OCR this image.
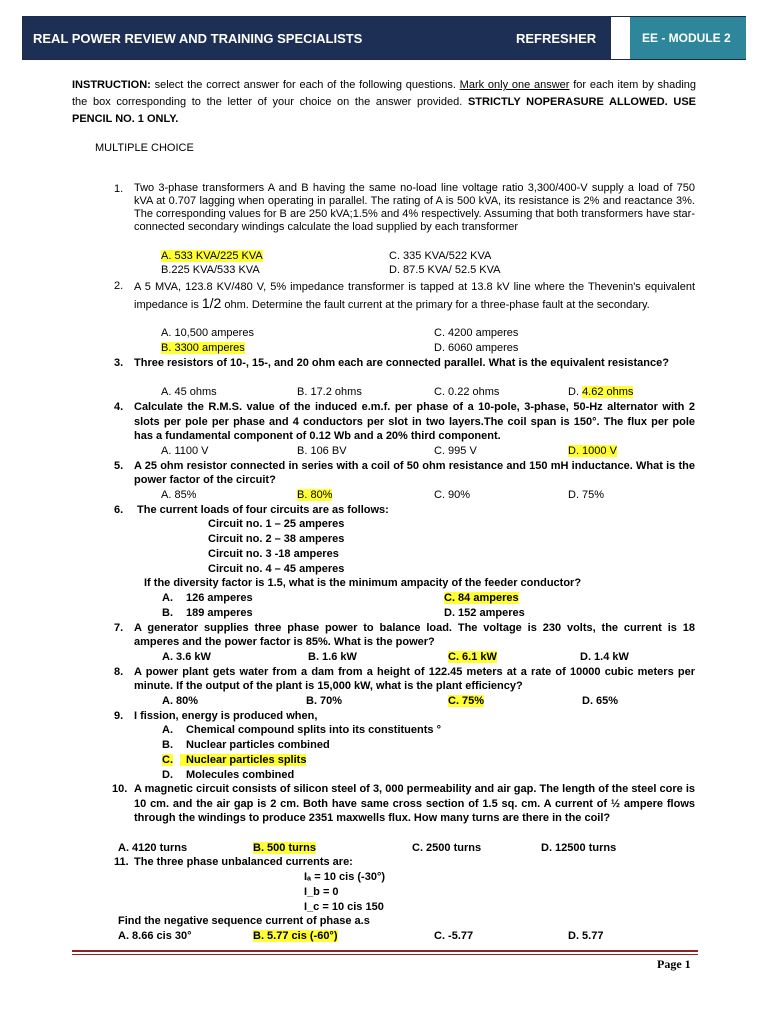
REAL POWER REVIEW AND TRAINING SPECIALISTS	REFRESHER	EE - MODULE 2
INSTRUCTION: select the correct answer for each of the following questions. Mark only one answer for each item by shading the box corresponding to the letter of your choice on the answer provided. STRICTLY NOPERASURE ALLOWED. USE PENCIL NO. 1 ONLY.
MULTIPLE CHOICE
1. Two 3-phase transformers A and B having the same no-load line voltage ratio 3,300/400-V supply a load of 750 kVA at 0.707 lagging when operating in parallel. The rating of A is 500 kVA, its resistance is 2% and reactance 3%. The corresponding values for B are 250 kVA;1.5% and 4% respectively. Assuming that both transformers have star-connected secondary windings calculate the load supplied by each transformer
A. 533 KVA/225 KVA	C. 335 KVA/522 KVA
B.225 KVA/533 KVA	D. 87.5 KVA/ 52.5 KVA
2. A 5 MVA, 123.8 KV/480 V, 5% impedance transformer is tapped at 13.8 kV line where the Thevenin's equivalent impedance is 1/2 ohm. Determine the fault current at the primary for a three-phase fault at the secondary.
A. 10,500 amperes	C. 4200 amperes
B. 3300 amperes	D. 6060 amperes
3. Three resistors of 10-, 15-, and 20 ohm each are connected parallel. What is the equivalent resistance?
A. 45 ohms	B. 17.2 ohms	C. 0.22 ohms	D. 4.62 ohms
4. Calculate the R.M.S. value of the induced e.m.f. per phase of a 10-pole, 3-phase, 50-Hz alternator with 2 slots per pole per phase and 4 conductors per slot in two layers.The coil span is 150°. The flux per pole has a fundamental component of 0.12 Wb and a 20% third component.
A. 1100 V	B. 106 BV	C. 995 V	D. 1000 V
5. A 25 ohm resistor connected in series with a coil of 50 ohm resistance and 150 mH inductance. What is the power factor of the circuit?
A. 85%	B. 80%	C. 90%	D. 75%
6. The current loads of four circuits are as follows:
Circuit no. 1 – 25 amperes
Circuit no. 2 – 38 amperes
Circuit no. 3 -18 amperes
Circuit no. 4 – 45 amperes
If the diversity factor is 1.5, what is the minimum ampacity of the feeder conductor?
A. 126 amperes	C. 84 amperes
B. 189 amperes	D. 152 amperes
7. A generator supplies three phase power to balance load. The voltage is 230 volts, the current is 18 amperes and the power factor is 85%. What is the power?
A. 3.6 kW	B. 1.6 kW	C. 6.1 kW	D. 1.4 kW
8. A power plant gets water from a dam from a height of 122.45 meters at a rate of 10000 cubic meters per minute. If the output of the plant is 15,000 kW, what is the plant efficiency?
A. 80%	B. 70%	C. 75%	D. 65%
9. I fission, energy is produced when,
A. Chemical compound splits into its constituents °
B. Nuclear particles combined
C.	Nuclear particles splits
D. Molecules combined
10. A magnetic circuit consists of silicon steel of 3, 000 permeability and air gap. The length of the steel core is 10 cm. and the air gap is 2 cm. Both have same cross section of 1.5 sq. cm. A current of ½ ampere flows through the windings to produce 2351 maxwells flux. How many turns are there in the coil?
A. 4120 turns	B. 500 turns	C. 2500 turns	D. 12500 turns
11. The three phase unbalanced currents are:
Iₐ = 10 cis (-30°)
I_b = 0
I_c = 10 cis 150
Find the negative sequence current of phase a.s
A. 8.66 cis 30°	B. 5.77 cis (-60°)	C. -5.77	D. 5.77
Page 1
